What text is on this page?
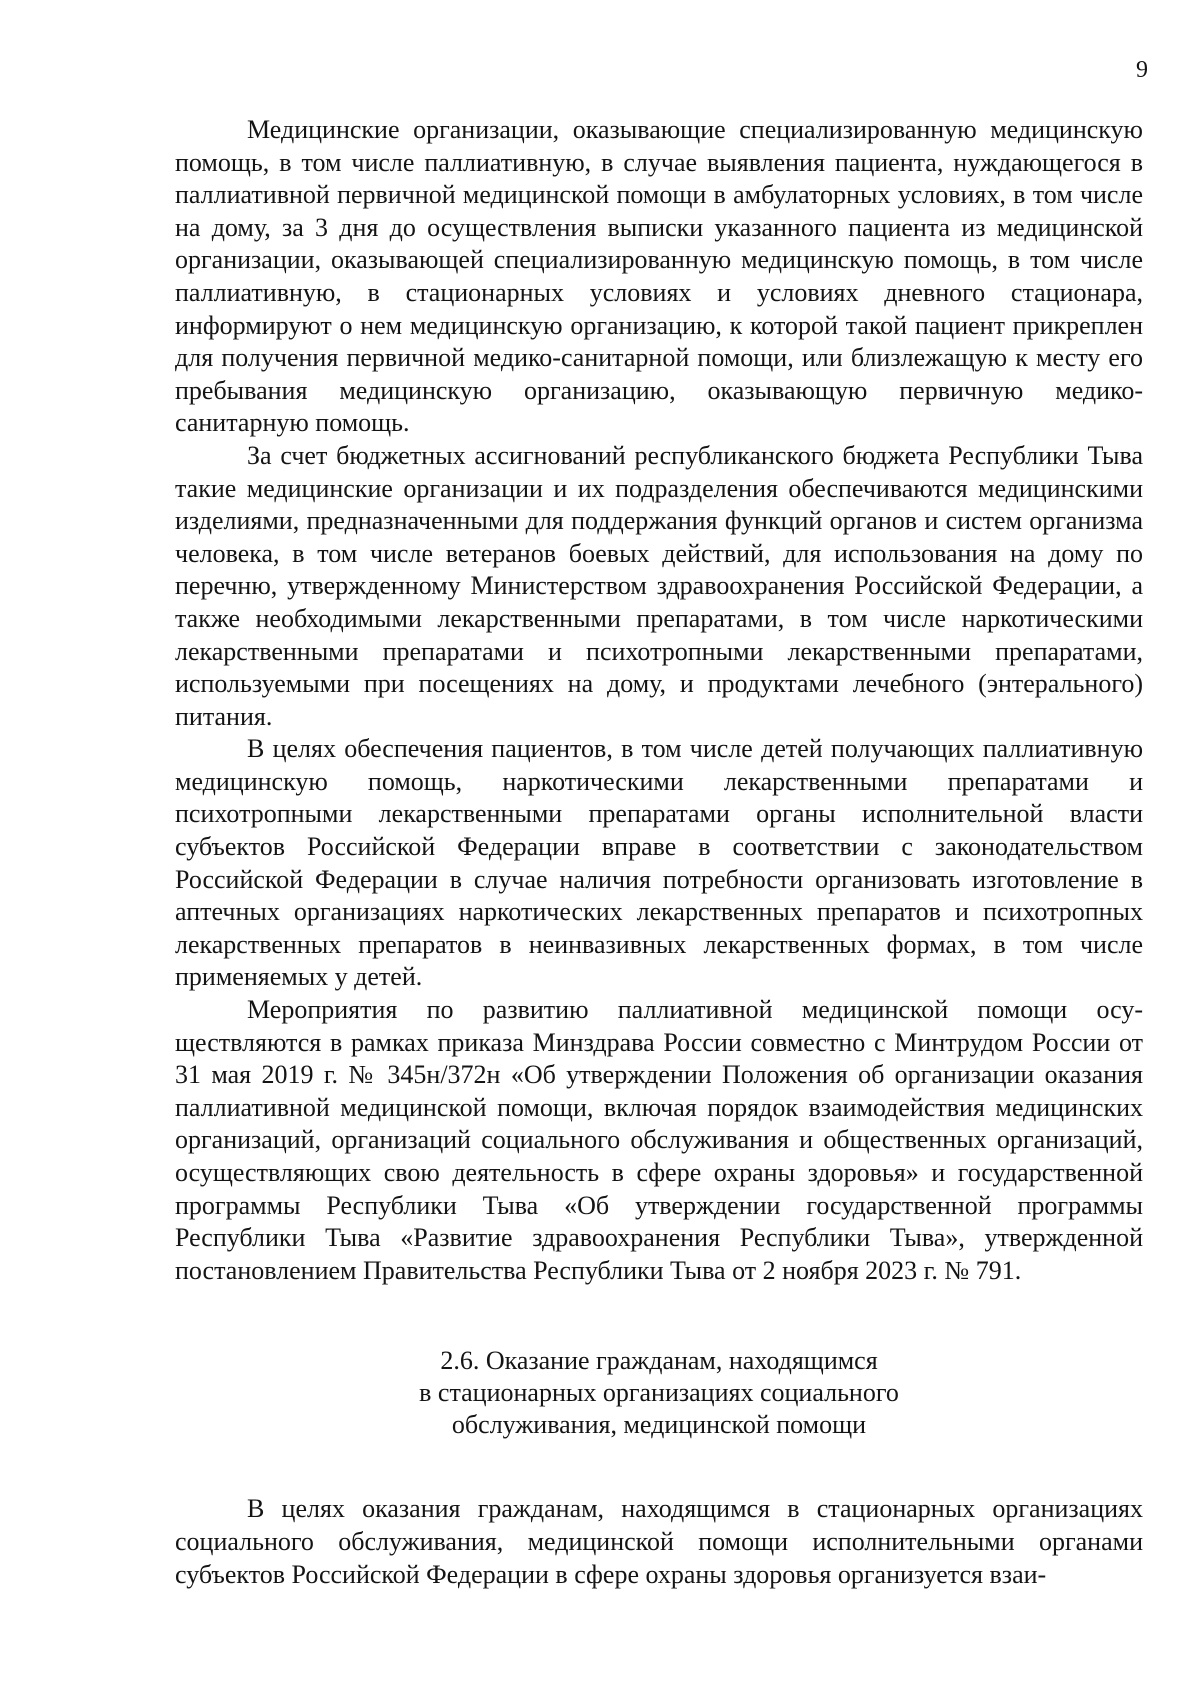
9

Медицинские организации, оказывающие специализированную медицинскую помощь, в том числе паллиативную, в случае выявления пациента, нуждающегося в паллиативной первичной медицинской помощи в амбулаторных условиях, в том числе на дому, за 3 дня до осуществления выписки указанного пациента из медицинской организации, оказывающей специализированную медицинскую помощь, в том числе паллиативную, в стационарных условиях и условиях дневного стационара, информируют о нем медицинскую организацию, к которой такой пациент прикреплен для получения первичной медико-санитарной помощи, или близлежащую к месту его пребывания медицинскую организацию, оказывающую первичную медико-санитарную помощь.

За счет бюджетных ассигнований республиканского бюджета Республики Тыва такие медицинские организации и их подразделения обеспечиваются медицинскими изделиями, предназначенными для поддержания функций органов и систем организма человека, в том числе ветеранов боевых действий, для использования на дому по перечню, утвержденному Министерством здравоохранения Российской Федерации, а также необходимыми лекарственными препаратами, в том числе наркотическими лекарственными препаратами и психотропными лекарственными препаратами, используемыми при посещениях на дому, и продуктами лечебного (энтерального) питания.

В целях обеспечения пациентов, в том числе детей получающих паллиативную медицинскую помощь, наркотическими лекарственными препаратами и психотропными лекарственными препаратами органы исполнительной власти субъектов Российской Федерации вправе в соответствии с законодательством Российской Федерации в случае наличия потребности организовать изготовление в аптечных организациях наркотических лекарственных препаратов и психотропных лекарственных препаратов в неинвазивных лекарственных формах, в том числе применяемых у детей.

Мероприятия по развитию паллиативной медицинской помощи осуществляются в рамках приказа Минздрава России совместно с Минтрудом России от 31 мая 2019 г. № 345н/372н «Об утверждении Положения об организации оказания паллиативной медицинской помощи, включая порядок взаимодействия медицинских организаций, организаций социального обслуживания и общественных организаций, осуществляющих свою деятельность в сфере охраны здоровья» и государственной программы Республики Тыва «Об утверждении государственной программы Республики Тыва «Развитие здравоохранения Республики Тыва», утвержденной постановлением Правительства Республики Тыва от 2 ноября 2023 г. № 791.

2.6. Оказание гражданам, находящимся
в стационарных организациях социального
обслуживания, медицинской помощи

В целях оказания гражданам, находящимся в стационарных организациях социального обслуживания, медицинской помощи исполнительными органами субъектов Российской Федерации в сфере охраны здоровья организуется взаи-
